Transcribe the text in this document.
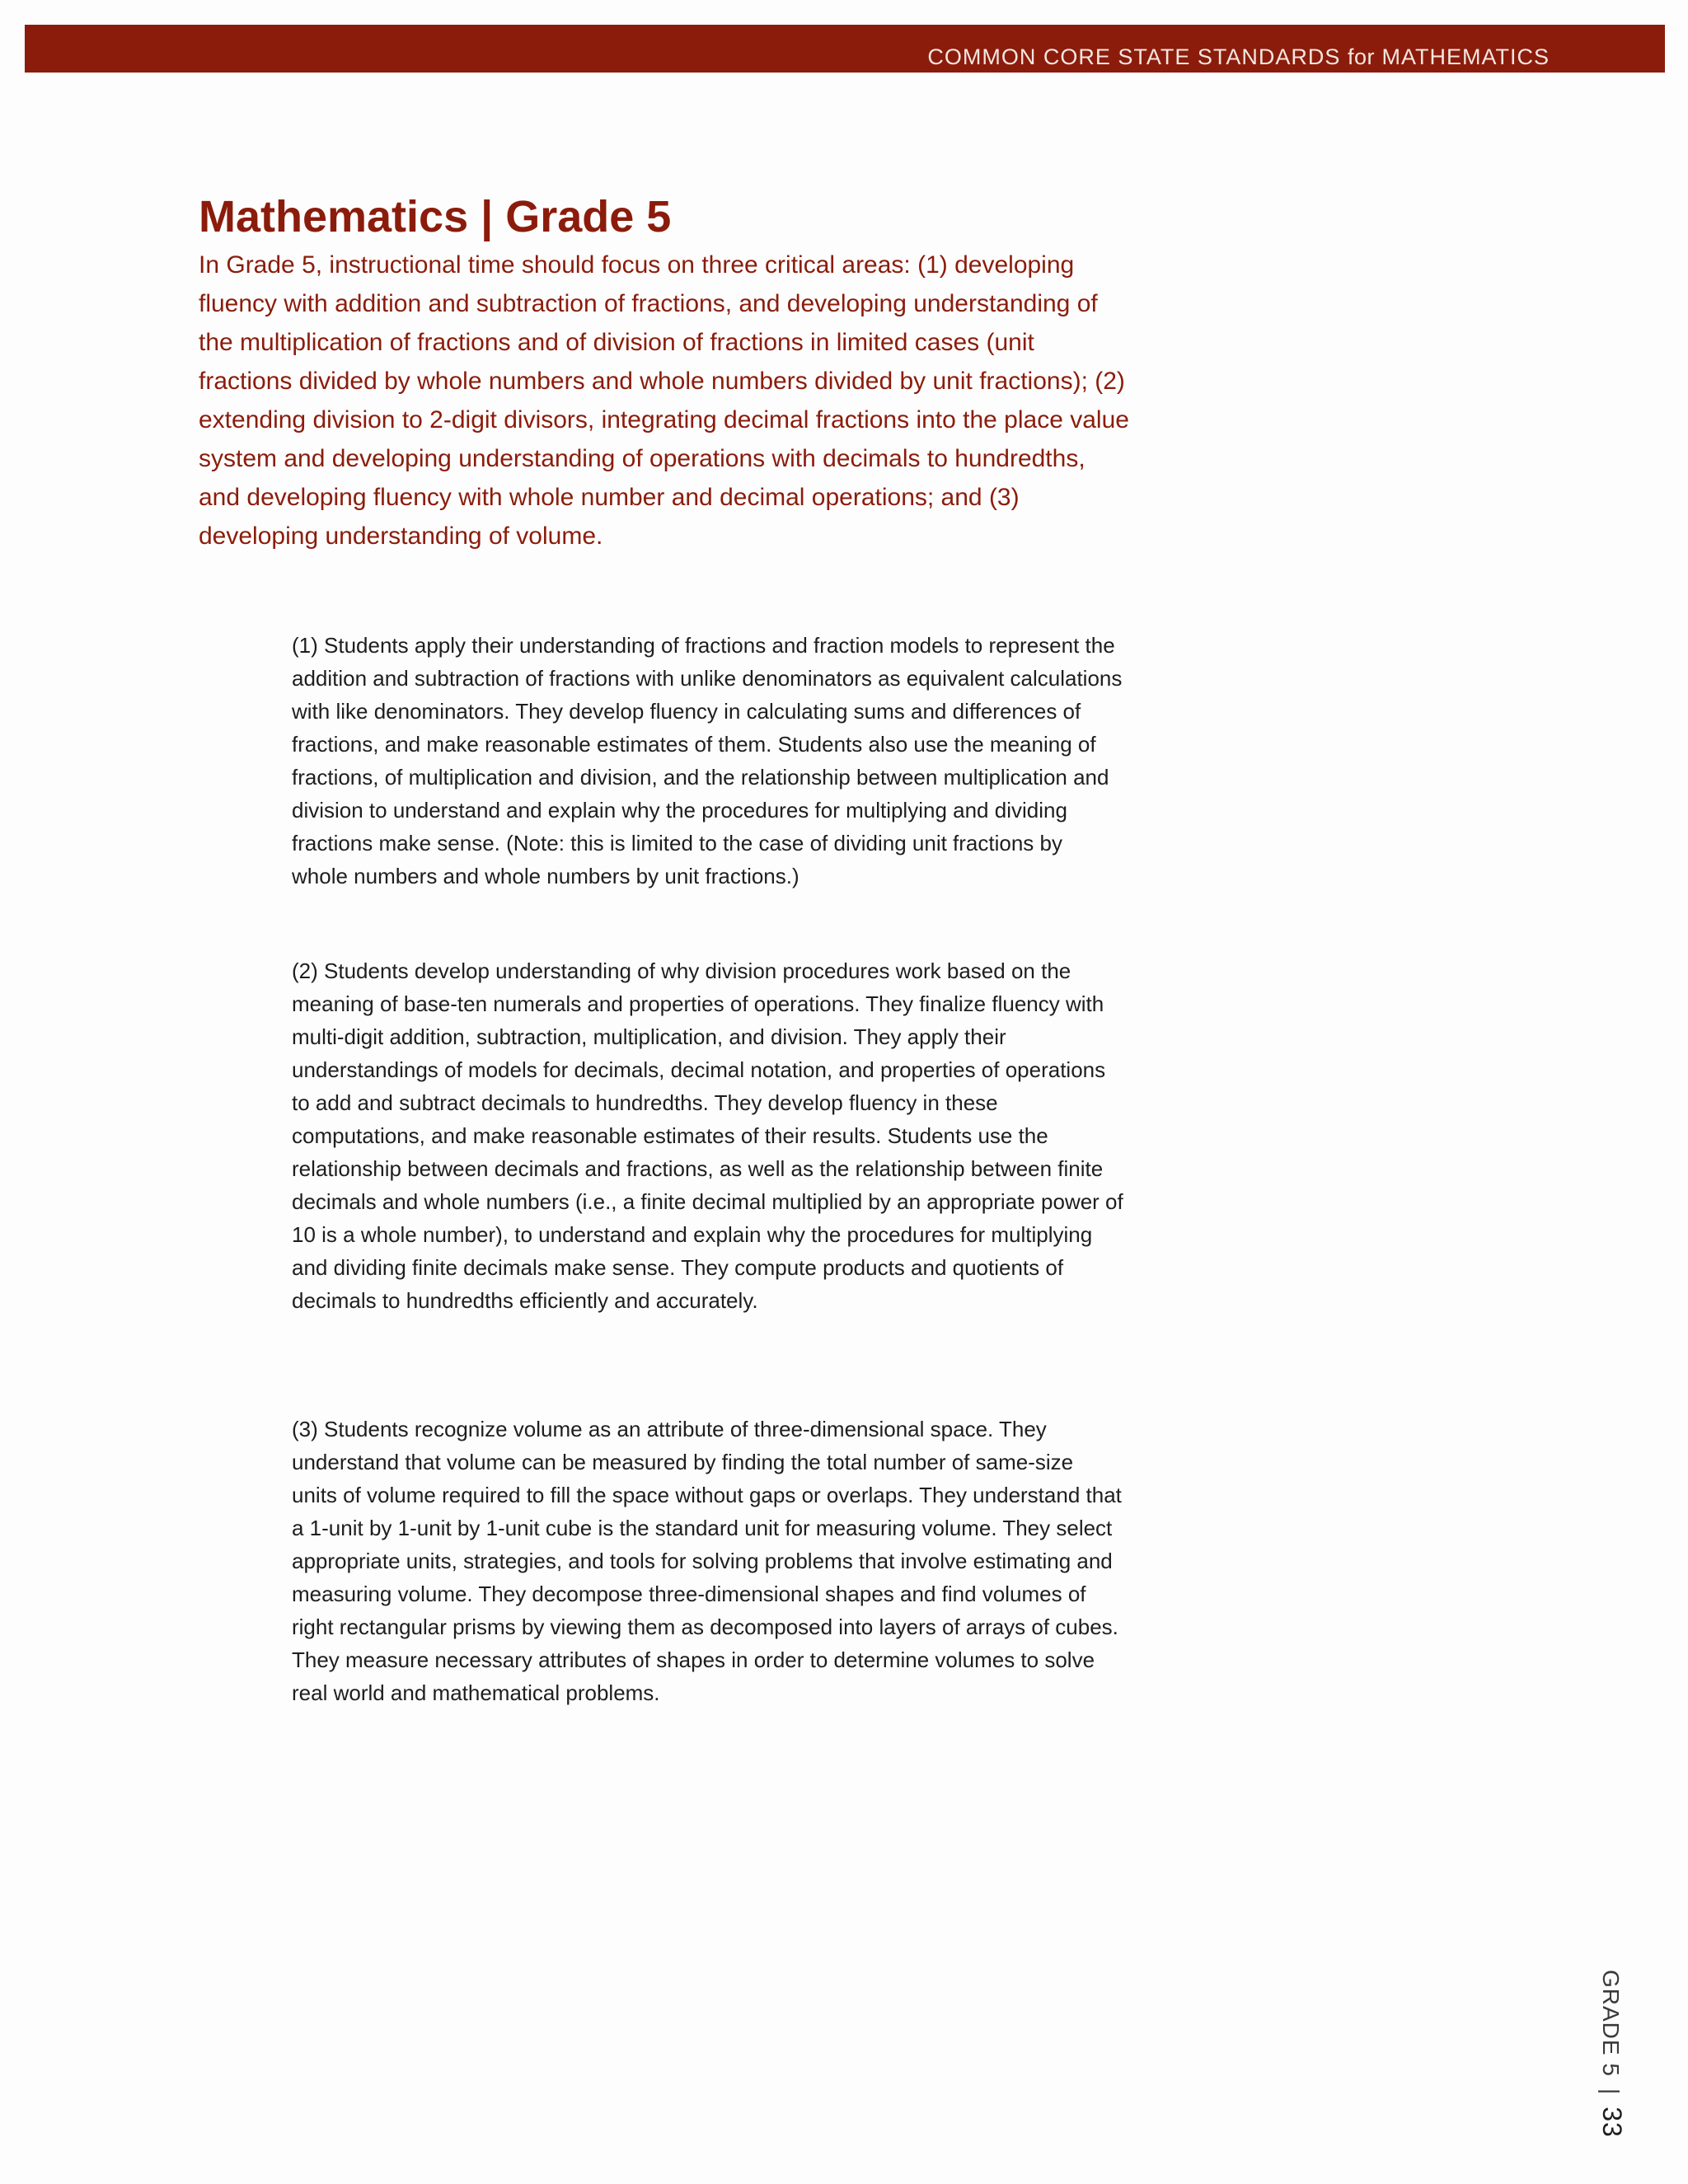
COMMON CORE STATE STANDARDS for MATHEMATICS
Mathematics | Grade 5

In Grade 5, instructional time should focus on three critical areas: (1) developing fluency with addition and subtraction of fractions, and developing understanding of the multiplication of fractions and of division of fractions in limited cases (unit fractions divided by whole numbers and whole numbers divided by unit fractions); (2) extending division to 2-digit divisors, integrating decimal fractions into the place value system and developing understanding of operations with decimals to hundredths, and developing fluency with whole number and decimal operations; and (3) developing understanding of volume.

(1) Students apply their understanding of fractions and fraction models to represent the addition and subtraction of fractions with unlike denominators as equivalent calculations with like denominators. They develop fluency in calculating sums and differences of fractions, and make reasonable estimates of them. Students also use the meaning of fractions, of multiplication and division, and the relationship between multiplication and division to understand and explain why the procedures for multiplying and dividing fractions make sense. (Note: this is limited to the case of dividing unit fractions by whole numbers and whole numbers by unit fractions.)

(2) Students develop understanding of why division procedures work based on the meaning of base-ten numerals and properties of operations. They finalize fluency with multi-digit addition, subtraction, multiplication, and division. They apply their understandings of models for decimals, decimal notation, and properties of operations to add and subtract decimals to hundredths. They develop fluency in these computations, and make reasonable estimates of their results. Students use the relationship between decimals and fractions, as well as the relationship between finite decimals and whole numbers (i.e., a finite decimal multiplied by an appropriate power of 10 is a whole number), to understand and explain why the procedures for multiplying and dividing finite decimals make sense. They compute products and quotients of decimals to hundredths efficiently and accurately.

(3) Students recognize volume as an attribute of three-dimensional space. They understand that volume can be measured by finding the total number of same-size units of volume required to fill the space without gaps or overlaps. They understand that a 1-unit by 1-unit by 1-unit cube is the standard unit for measuring volume. They select appropriate units, strategies, and tools for solving problems that involve estimating and measuring volume. They decompose three-dimensional shapes and find volumes of right rectangular prisms by viewing them as decomposed into layers of arrays of cubes. They measure necessary attributes of shapes in order to determine volumes to solve real world and mathematical problems.

GRADE 5|33
